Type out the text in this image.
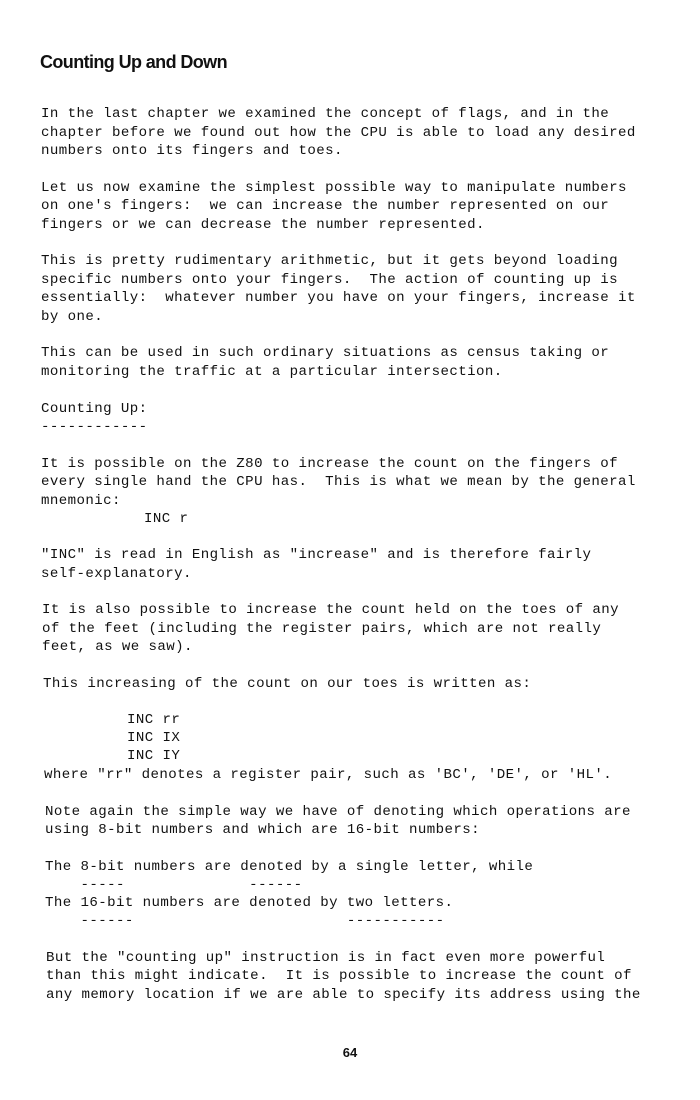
Counting Up and Down

In the last chapter we examined the concept of flags, and in the

chapter before we found out how the CPU is able to load any desired

numbers onto its fingers and toes.

Let us now examine the simplest possible way to manipulate numbers

on one's fingers:  we can increase the number represented on our

fingers or we can decrease the number represented.

This is pretty rudimentary arithmetic, but it gets beyond loading

specific numbers onto your fingers.  The action of counting up is

essentially:  whatever number you have on your fingers, increase it

by one.

This can be used in such ordinary situations as census taking or

monitoring the traffic at a particular intersection.

Counting Up:

------------

It is possible on the Z80 to increase the count on the fingers of

every single hand the CPU has.  This is what we mean by the general

mnemonic:

INC r

"INC" is read in English as "increase" and is therefore fairly

self-explanatory.

It is also possible to increase the count held on the toes of any

of the feet (including the register pairs, which are not really

feet, as we saw).

This increasing of the count on our toes is written as:

INC rr

INC IX

INC IY

where "rr" denotes a register pair, such as 'BC', 'DE', or 'HL'.

Note again the simple way we have of denoting which operations are

using 8-bit numbers and which are 16-bit numbers:

The 8-bit numbers are denoted by a single letter, while

-----              ------

The 16-bit numbers are denoted by two letters.

------                        -----------

But the "counting up" instruction is in fact even more powerful

than this might indicate.  It is possible to increase the count of

any memory location if we are able to specify its address using the

64
